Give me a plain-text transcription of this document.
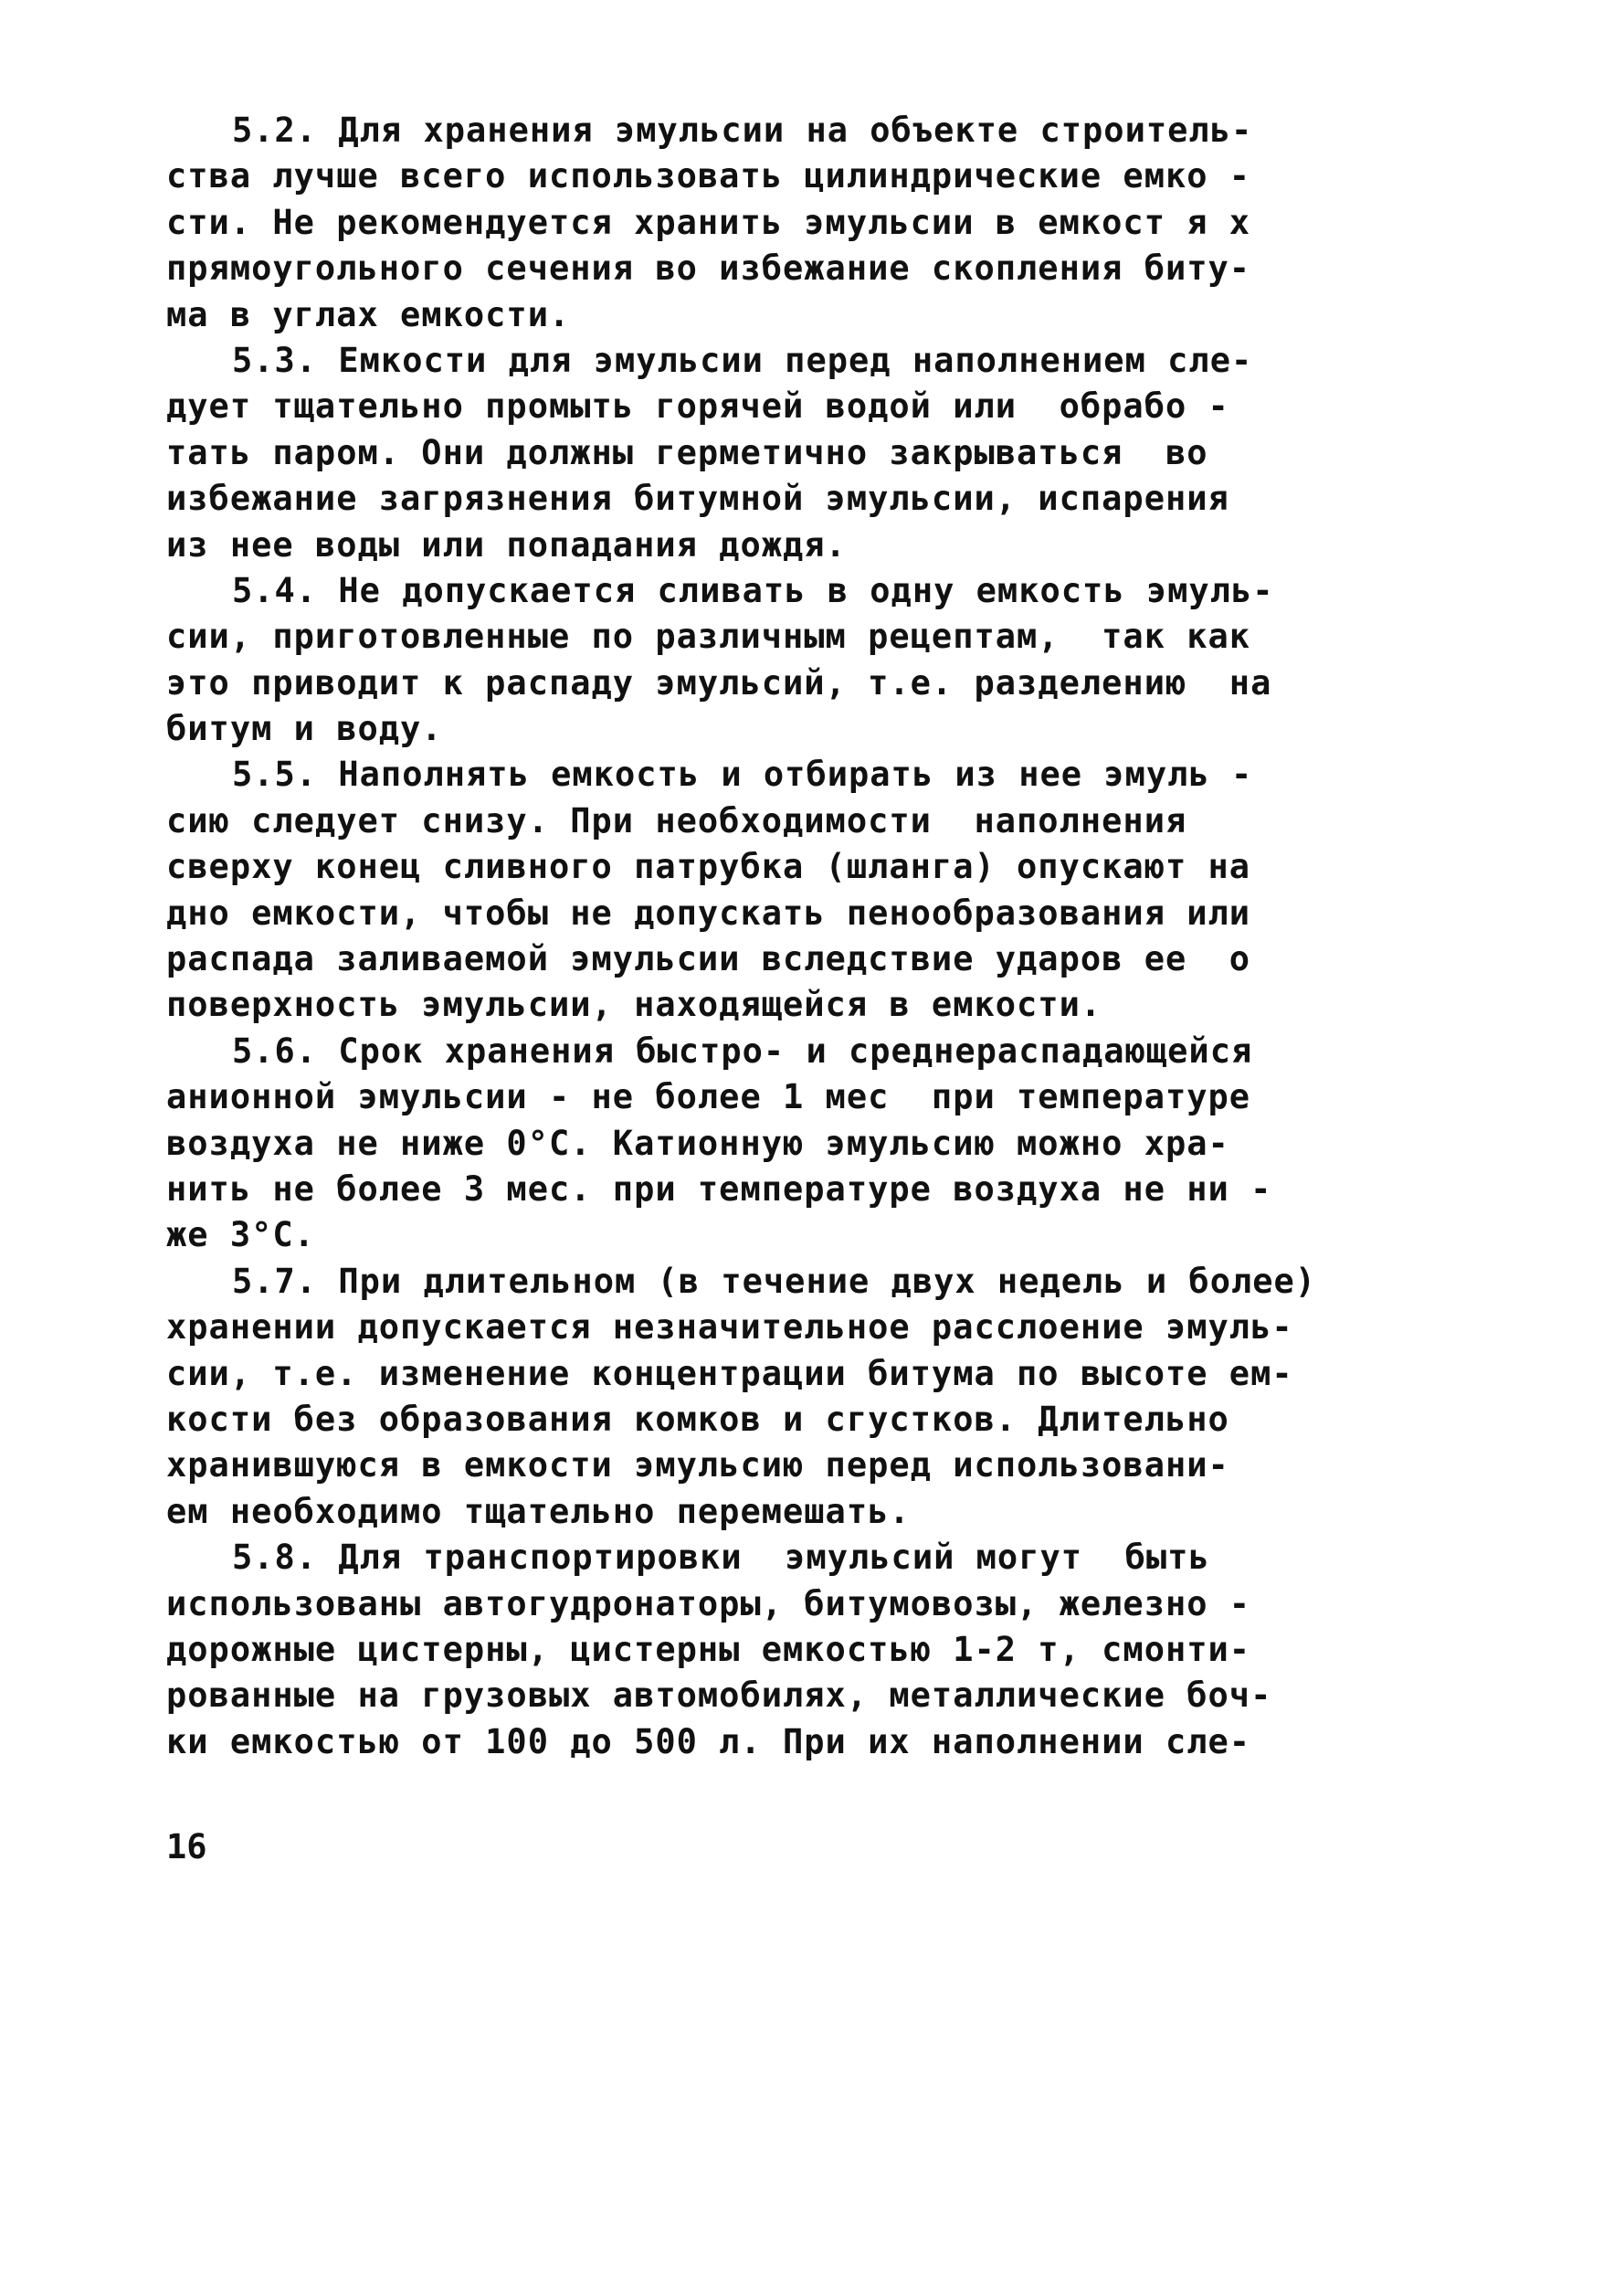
5.2. Для хранения эмульсии на объекте строитель-
ства лучше всего использовать цилиндрические емко -
сти. Не рекомендуется хранить эмульсии в емкост я х
прямоугольного сечения во избежание скопления биту-
ма в углах емкости.
5.3. Емкости для эмульсии перед наполнением сле-
дует тщательно промыть горячей водой или  обрабо -
тать паром. Они должны герметично закрываться  во
избежание загрязнения битумной эмульсии, испарения
из нее воды или попадания дождя.
5.4. Не допускается сливать в одну емкость эмуль-
сии, приготовленные по различным рецептам,  так как
это приводит к распаду эмульсий, т.е. разделению  на
битум и воду.
5.5. Наполнять емкость и отбирать из нее эмуль -
сию следует снизу. При необходимости  наполнения
сверху конец сливного патрубка (шланга) опускают на
дно емкости, чтобы не допускать пенообразования или
распада заливаемой эмульсии вследствие ударов ее  о
поверхность эмульсии, находящейся в емкости.
5.6. Срок хранения быстро- и среднераспадающейся
анионной эмульсии - не более 1 мес  при температуре
воздуха не ниже 0°С. Катионную эмульсию можно хра-
нить не более 3 мес. при температуре воздуха не ни -
же 3°С.
5.7. При длительном (в течение двух недель и более)
хранении допускается незначительное расслоение эмуль-
сии, т.е. изменение концентрации битума по высоте ем-
кости без образования комков и сгустков. Длительно
хранившуюся в емкости эмульсию перед использовани-
ем необходимо тщательно перемешать.
5.8. Для транспортировки  эмульсий могут  быть
использованы автогудронаторы, битумовозы, железно -
дорожные цистерны, цистерны емкостью 1-2 т, смонти-
рованные на грузовых автомобилях, металлические боч-
ки емкостью от 100 до 500 л. При их наполнении сле-
16
